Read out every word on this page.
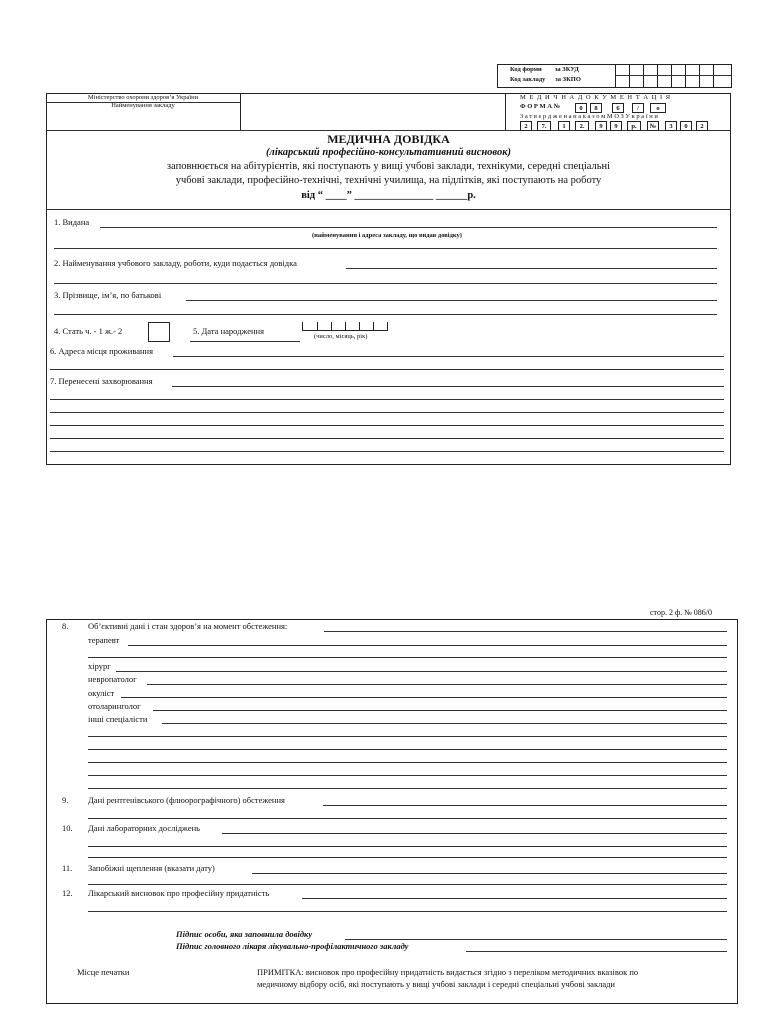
Код форми за ЗКУД
Код закладу за ЗКПО
Міністерство охорони здоров’я України
Найменування закладу
М Е Д И Ч Н А Д О К У М Е Н Т А Ц І Я
Ф О Р М А №	0	8	6	/	о
З а т в е р д ж е н а н а к а з о м М О З У к р а ї н и
2	7.	1	2.	9	9	р.	№	3	0	2
МЕДИЧНА ДОВІДКА
(лікарський професійно-консультативний висновок)
заповнюється на абітурієнтів, які поступають у вищі учбові заклади, технікуми, середні спеціальні
учбові заклади, професійно-технічні, технічні училища, на підлітків, які поступають на роботу
від “ ____” _______________ ______р.
1. Видана
(найменування і адреса закладу, що видав довідку)
2. Найменування учбового закладу, роботи, куди подається довідка
3. Прізвище, ім’я, по батькові
4. Стать ч. - 1 ж.- 2	5. Дата народження
(число, місяць, рік)
6. Адреса місця проживання
7. Перенесені захворювання
стор. 2 ф. № 086/0
8. Об’єктивні дані і стан здоров’я на момент обстеження:
терапевт
хірург
невропатолог
окуліст
отоларинголог
інші спеціалісти
9. Дані рентгенівського (флюорографічного) обстеження
10. Дані лабораторних досліджень
11. Запобіжні щеплення (вказати дату)
12. Лікарський висновок про професійну придатність
Підпис особи, яка заповнила довідку
Підпис головного лікаря лікувально-профілактичного закладу
Місце печатки	ПРИМІТКА: висновок про професійну придатність видається згідно з переліком методичних вказівок по
медичному відбору осіб, які поступають у вищі учбові заклади і середні спеціальні учбові заклади
